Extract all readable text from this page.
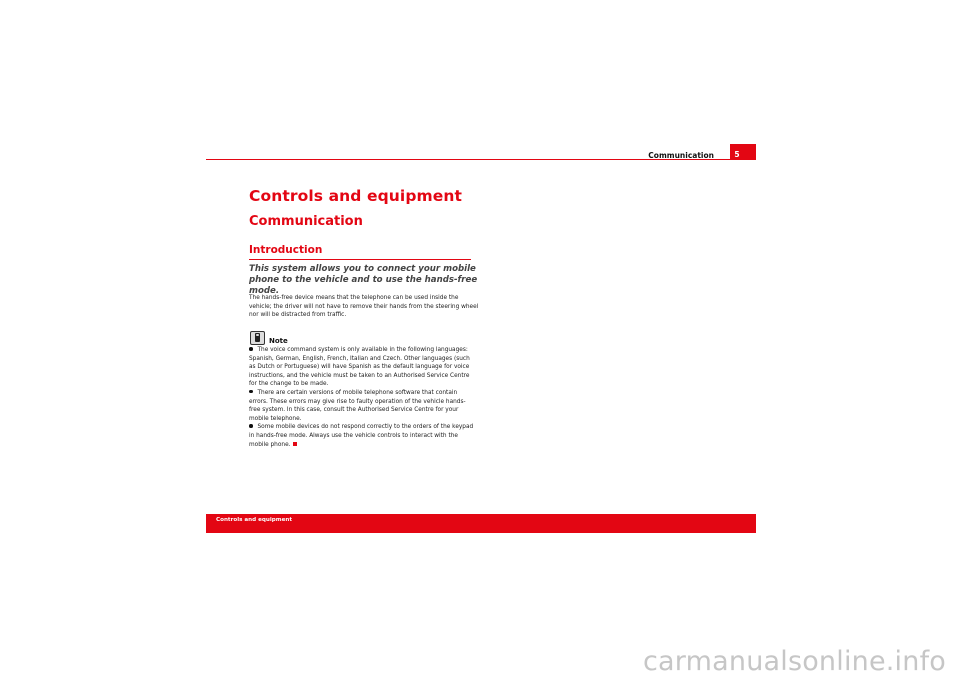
Communication	5
Controls and equipment
Communication
Introduction
This system allows you to connect your mobile phone to the vehicle and to use the hands-free mode.
The hands-free device means that the telephone can be used inside the vehicle; the driver will not have to remove their hands from the steering wheel nor will be distracted from traffic.
Note

The voice command system is only available in the following languages: Spanish, German, English, French, Italian and Czech. Other languages (such as Dutch or Portuguese) will have Spanish as the default language for voice instructions, and the vehicle must be taken to an Authorised Service Centre for the change to be made.

There are certain versions of mobile telephone software that contain errors. These errors may give rise to faulty operation of the vehicle hands-free system. In this case, consult the Authorised Service Centre for your mobile telephone.

Some mobile devices do not respond correctly to the orders of the keypad in hands-free mode. Always use the vehicle controls to interact with the mobile phone.

Controls and equipment
carmanualsonline.info
